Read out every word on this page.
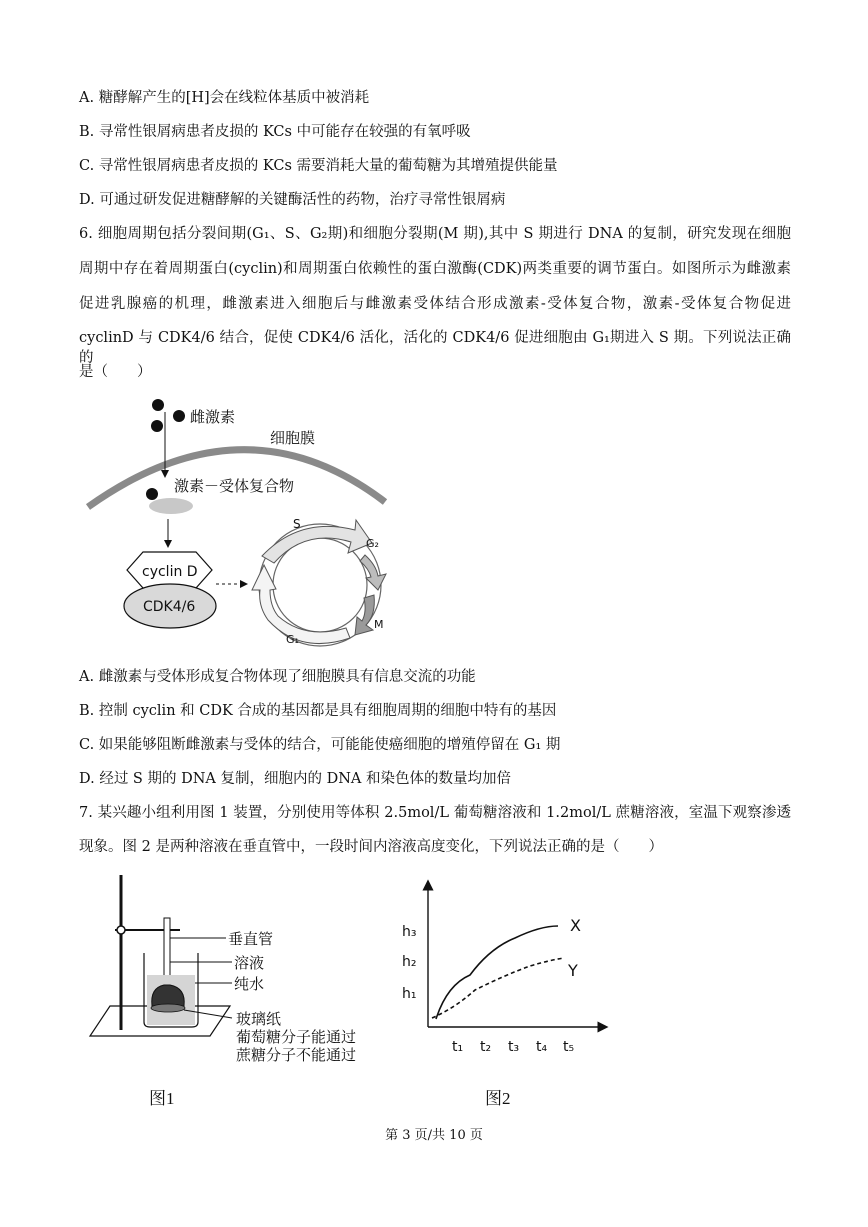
A. 糖酵解产生的[H]会在线粒体基质中被消耗
B. 寻常性银屑病患者皮损的 KCs 中可能存在较强的有氧呼吸
C. 寻常性银屑病患者皮损的 KCs 需要消耗大量的葡萄糖为其增殖提供能量
D. 可通过研发促进糖酵解的关键酶活性的药物，治疗寻常性银屑病
6. 细胞周期包括分裂间期(G₁、S、G₂期)和细胞分裂期(M 期),其中 S 期进行 DNA 的复制，研究发现在细胞
周期中存在着周期蛋白(cyclin)和周期蛋白依赖性的蛋白激酶(CDK)两类重要的调节蛋白。如图所示为雌激素
促进乳腺癌的机理，雌激素进入细胞后与雌激素受体结合形成激素-受体复合物，激素-受体复合物促进
cyclinD 与 CDK4/6 结合，促使 CDK4/6 活化，活化的 CDK4/6 促进细胞由 G₁期进入 S 期。下列说法正确的
是（　　）
雌激素
细胞膜
激素－受体复合物
cyclin D
CDK4/6
S
G₂
M
G₁
A. 雌激素与受体形成复合物体现了细胞膜具有信息交流的功能
B. 控制 cyclin 和 CDK 合成的基因都是具有细胞周期的细胞中特有的基因
C. 如果能够阻断雌激素与受体的结合，可能能使癌细胞的增殖停留在 G₁ 期
D. 经过 S 期的 DNA 复制，细胞内的 DNA 和染色体的数量均加倍
7. 某兴趣小组利用图 1 装置，分别使用等体积 2.5mol/L 葡萄糖溶液和 1.2mol/L 蔗糖溶液，室温下观察渗透
现象。图 2 是两种溶液在垂直管中，一段时间内溶液高度变化，下列说法正确的是（　　）
垂直管
溶液
纯水
玻璃纸
葡萄糖分子能通过
蔗糖分子不能通过
图1
h₃
h₂
h₁
t₁ t₂ t₃ t₄ t₅
X
Y
图2
第 3 页/共 10 页
